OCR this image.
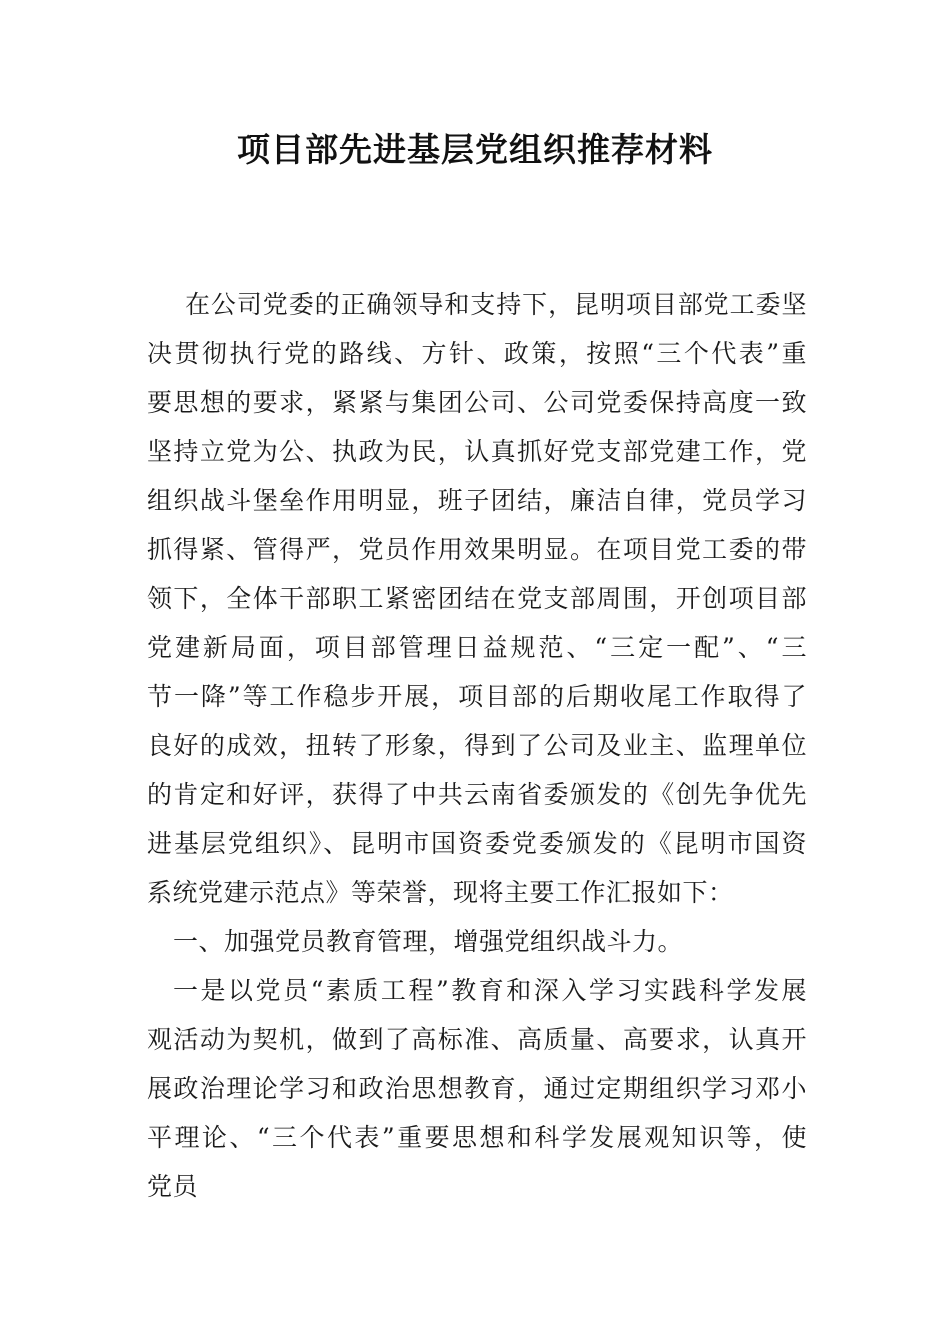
项目部先进基层党组织推荐材料
在公司党委的正确领导和支持下，昆明项目部党工委坚
决贯彻执行党的路线、方针、政策，按照“三个代表”重
要思想的要求，紧紧与集团公司、公司党委保持高度一致
坚持立党为公、执政为民，认真抓好党支部党建工作，党
组织战斗堡垒作用明显，班子团结，廉洁自律，党员学习
抓得紧、管得严，党员作用效果明显。在项目党工委的带
领下，全体干部职工紧密团结在党支部周围，开创项目部
党建新局面，项目部管理日益规范、“三定一配”、“三
节一降”等工作稳步开展，项目部的后期收尾工作取得了
良好的成效，扭转了形象，得到了公司及业主、监理单位
的肯定和好评，获得了中共云南省委颁发的《创先争优先
进基层党组织》、昆明市国资委党委颁发的《昆明市国资
系统党建示范点》等荣誉，现将主要工作汇报如下：
一、加强党员教育管理，增强党组织战斗力。
一是以党员“素质工程”教育和深入学习实践科学发展
观活动为契机，做到了高标准、高质量、高要求，认真开
展政治理论学习和政治思想教育，通过定期组织学习邓小
平理论、“三个代表”重要思想和科学发展观知识等，使
党员
